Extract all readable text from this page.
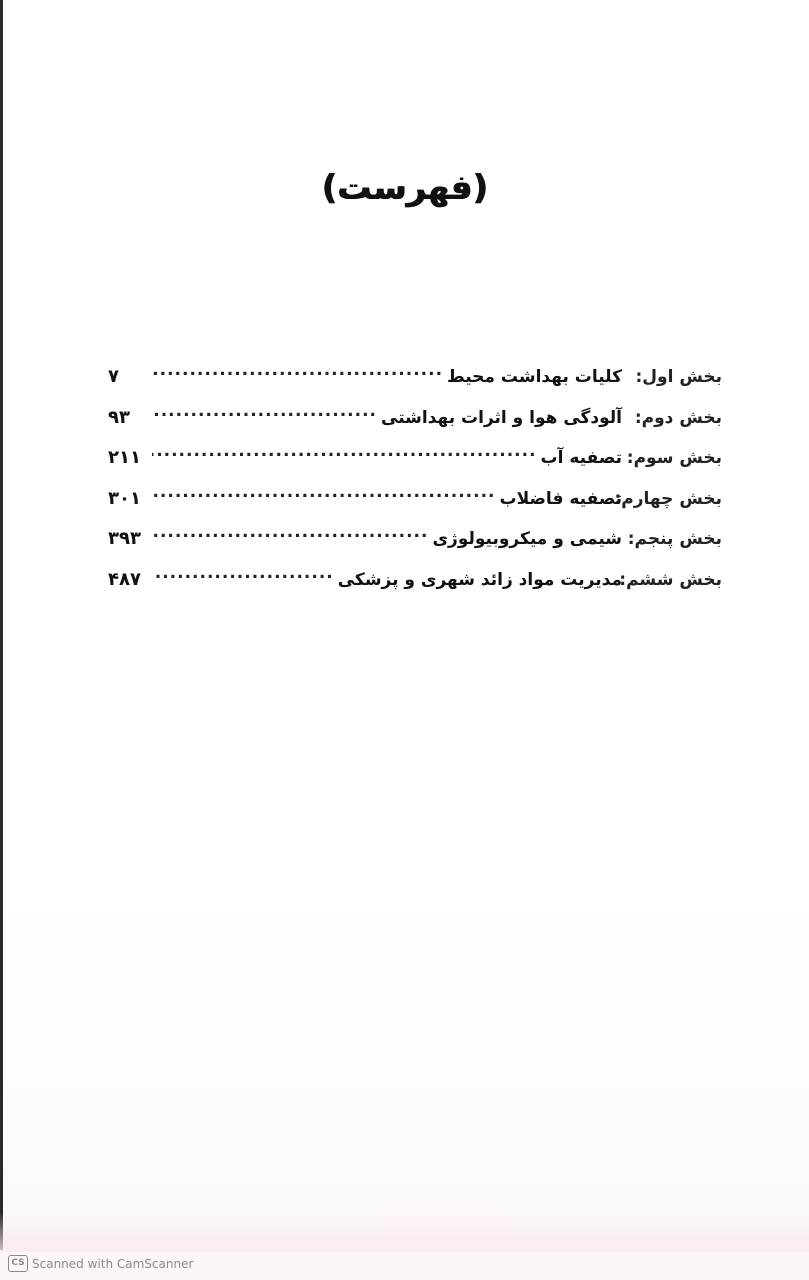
(فهرست)
بخش اول:
کلیات بهداشت محیط
.....
۷
بخش دوم:
آلودگی هوا و اثرات بهداشتی
.....
۹۳
بخش سوم:
تصفیه آب
.....
۲۱۱
بخش چهارم:
تصفیه فاضلاب
.....
۳۰۱
بخش پنجم:
شیمی و میکروبیولوژی
.....
۳۹۳
بخش ششم:
مدیریت مواد زائد شهری و پزشکی
.....
۴۸۷
CS Scanned with CamScanner
